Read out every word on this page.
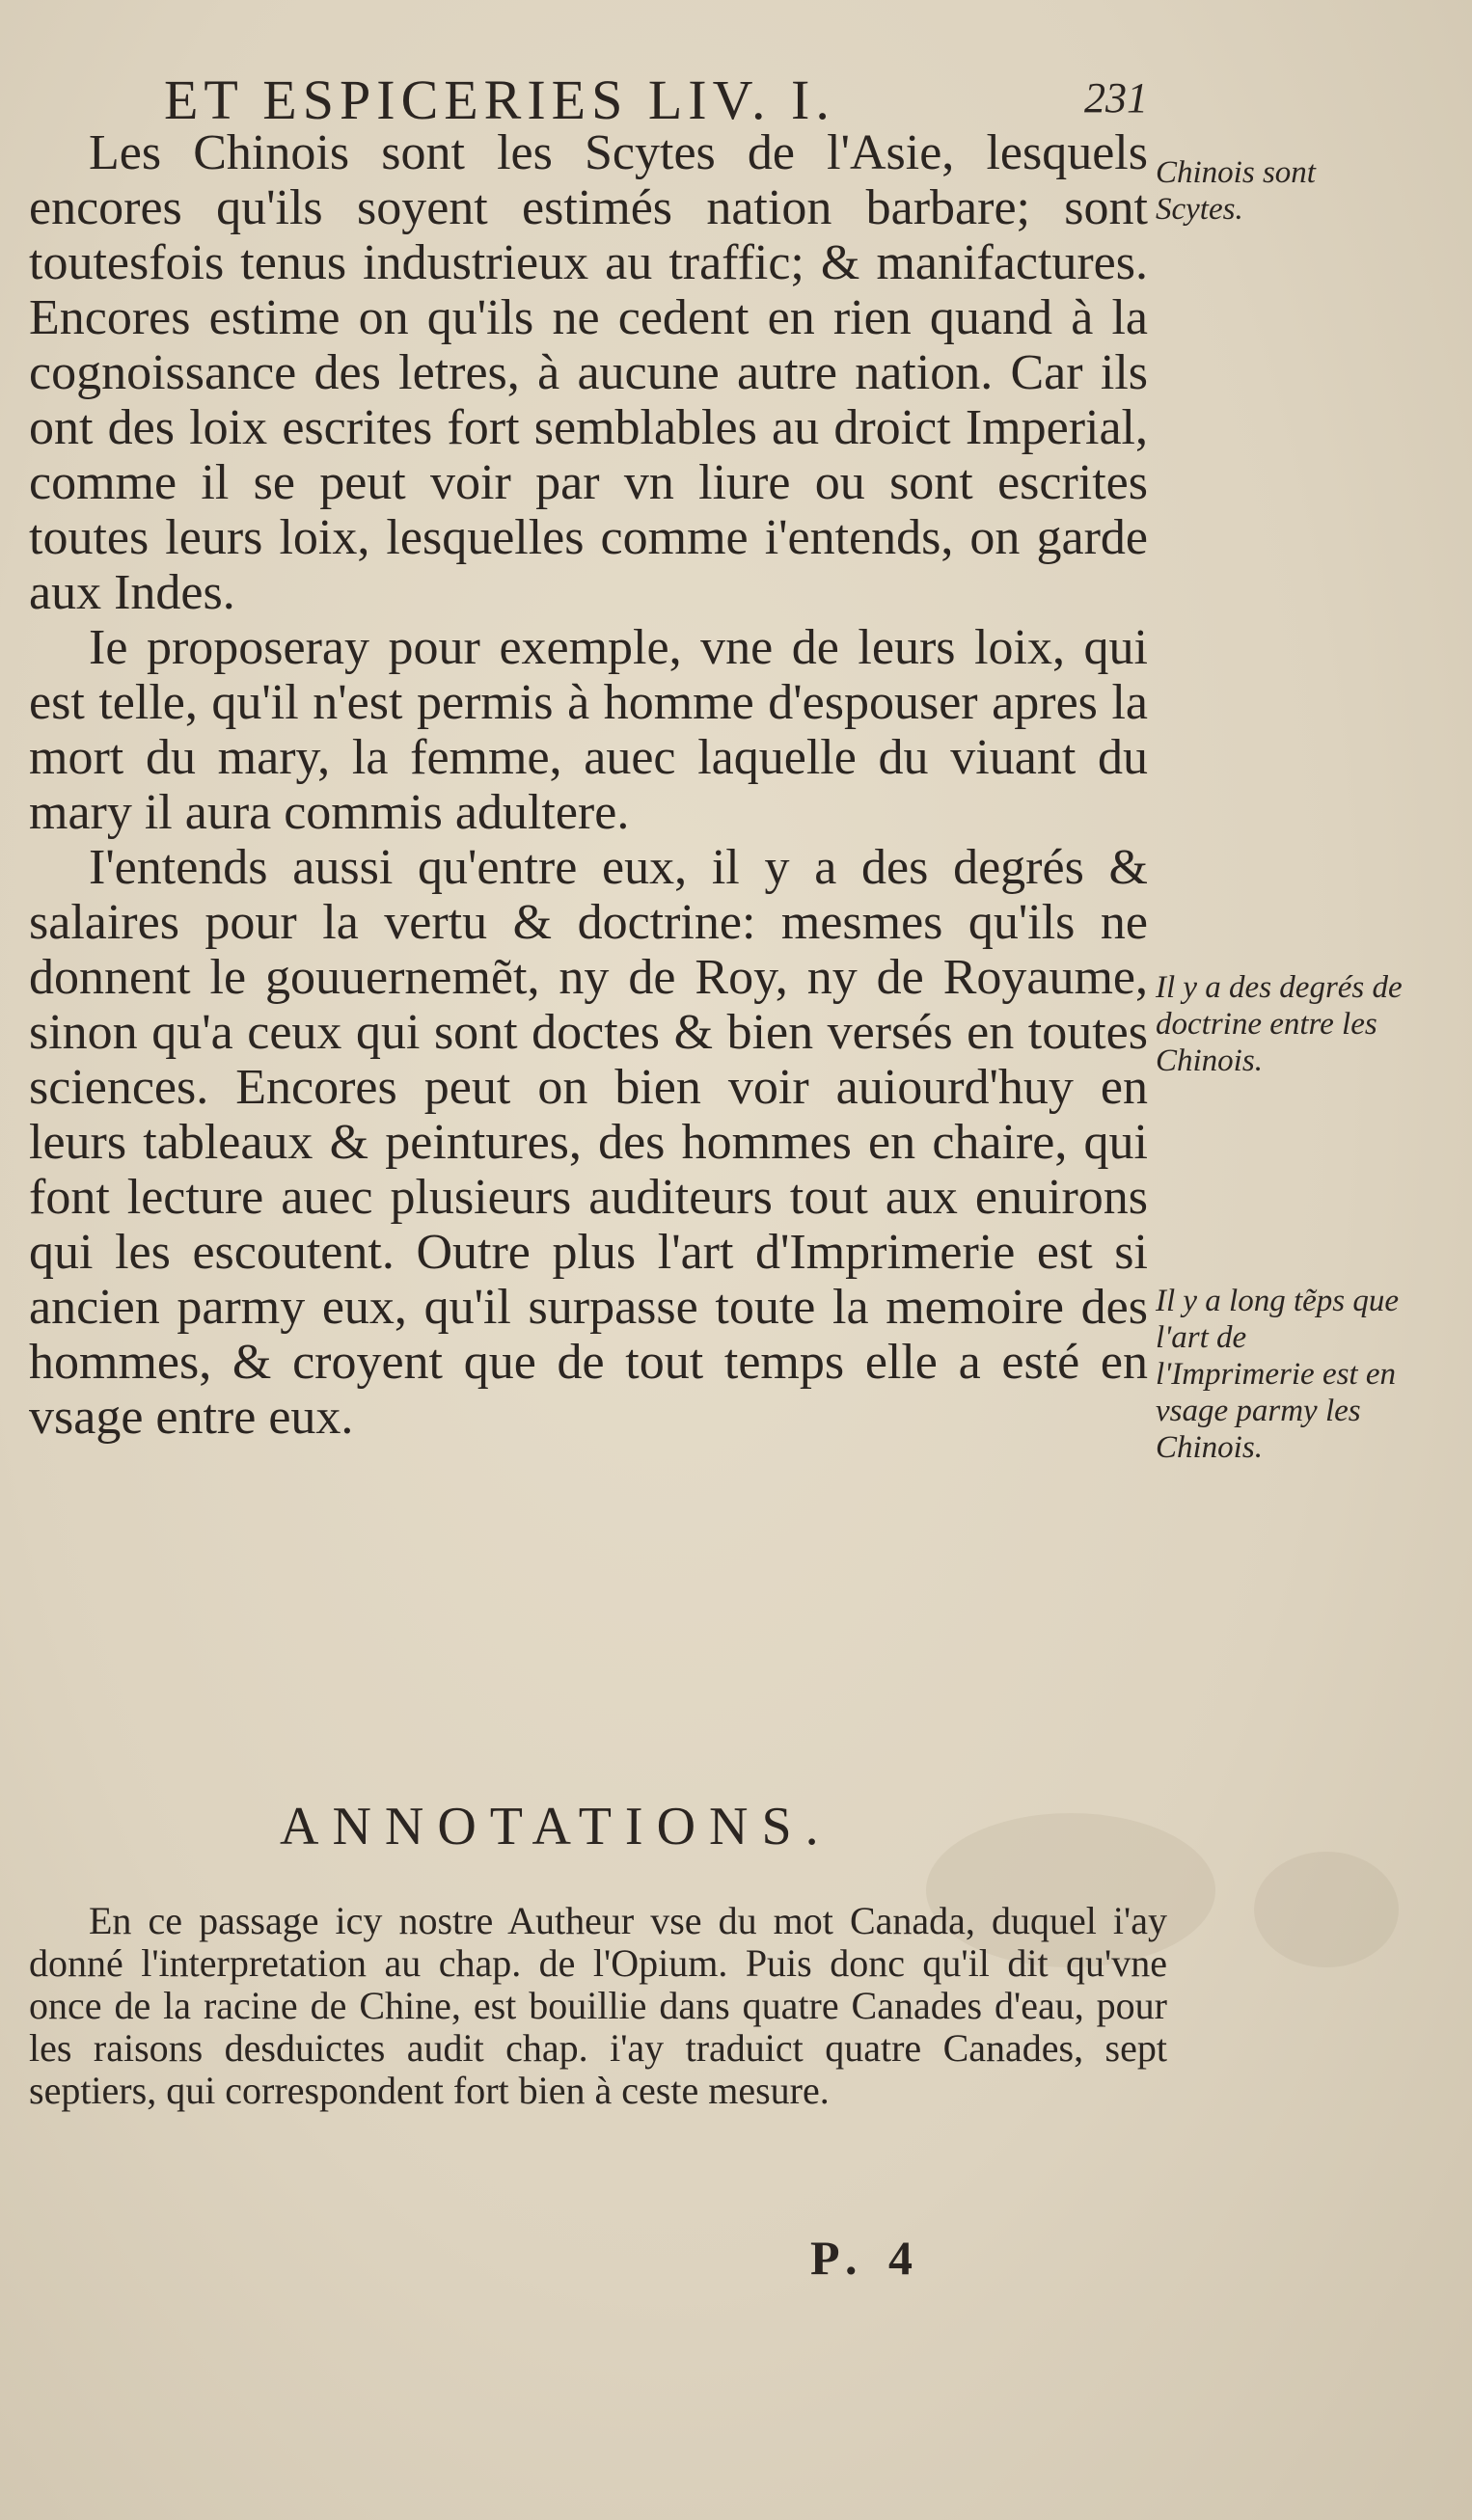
ET ESPICERIES LIV. I.	231

Les Chinois sont les Scytes de l'Asie, lesquels encores qu'ils soyent estimés nation barbare; sont toutesfois tenus industrieux au traffic; & manifactures. Encores estime on qu'ils ne cedent en rien quand à la cognoissance des letres, à aucune autre nation. Car ils ont des loix escrites fort semblables au droict Imperial, comme il se peut voir par vn liure ou sont escrites toutes leurs loix, lesquelles comme i'entends, on garde aux Indes.

Ie proposeray pour exemple, vne de leurs loix, qui est telle, qu'il n'est permis à homme d'espouser apres la mort du mary, la femme, auec laquelle du viuant du mary il aura commis adultere.

I'entends aussi qu'entre eux, il y a des degrés & salaires pour la vertu & doctrine: mesmes qu'ils ne donnent le gouuernemẽt, ny de Roy, ny de Royaume, sinon qu'a ceux qui sont doctes & bien versés en toutes sciences. Encores peut on bien voir auiourd'huy en leurs tableaux & peintures, des hommes en chaire, qui font lecture auec plusieurs auditeurs tout aux enuirons qui les escoutent. Outre plus l'art d'Imprimerie est si ancien parmy eux, qu'il surpasse toute la memoire des hommes, & croyent que de tout temps elle a esté en vsage entre eux.

Chinois sont Scytes.
Il y a des degrés de doctrine entre les Chinois.
Il y a long tẽps que l'art de l'Imprimerie est en vsage parmy les Chinois.
ANNOTATIONS.

En ce passage icy nostre Autheur vse du mot Canada, duquel i'ay donné l'interpretation au chap. de l'Opium. Puis donc qu'il dit qu'vne once de la racine de Chine, est bouillie dans quatre Canades d'eau, pour les raisons desduictes audit chap. i'ay traduict quatre Canades, sept septiers, qui correspondent fort bien à ceste mesure.

P. 4
